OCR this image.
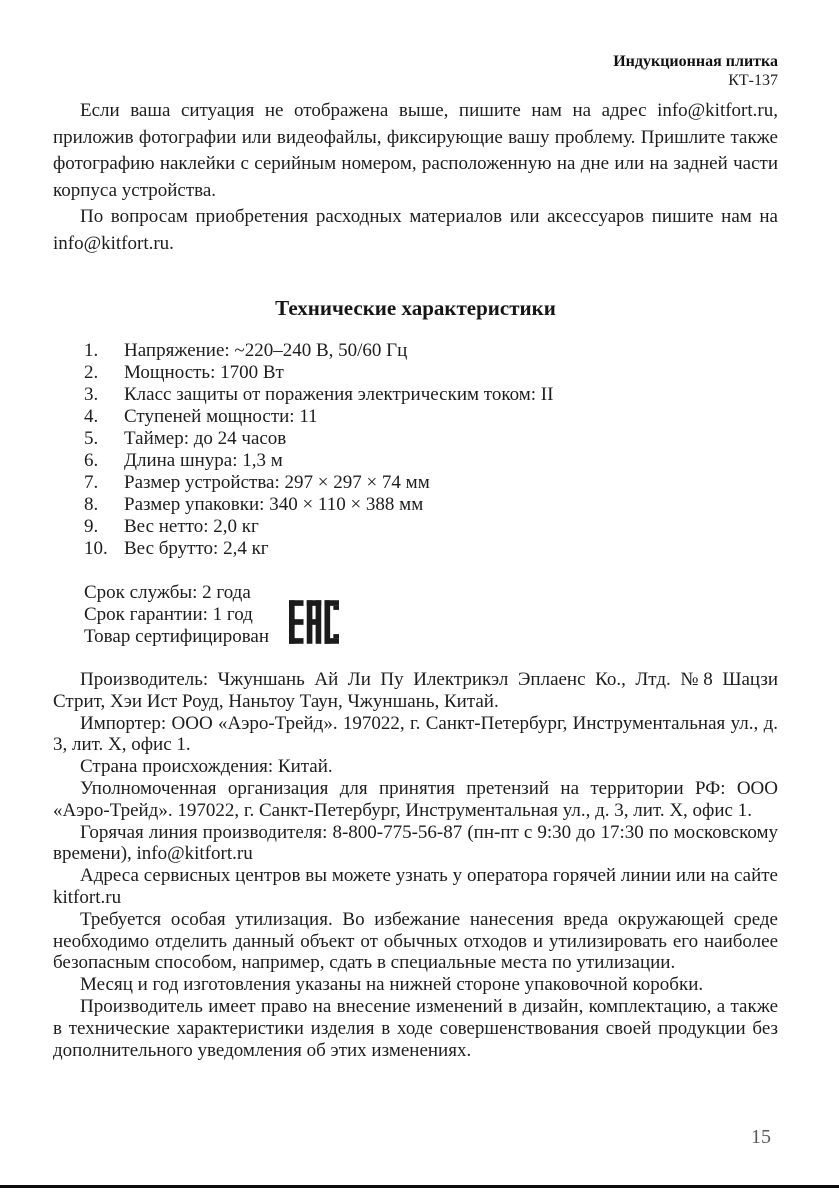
Индукционная плитка
КТ-137

Если ваша ситуация не отображена выше, пишите нам на адрес info@kitfort.ru, приложив фотографии или видеофайлы, фиксирующие вашу проблему. Пришлите также фотографию наклейки с серийным номером, расположенную на дне или на задней части корпуса устройства.

По вопросам приобретения расходных материалов или аксессуаров пишите нам на info@kitfort.ru.

Технические характеристики
1.	Напряжение: ~220–240 В, 50/60 Гц
2.	Мощность: 1700 Вт
3.	Класс защиты от поражения электрическим током: II
4.	Ступеней мощности: 11
5.	Таймер: до 24 часов
6.	Длина шнура: 1,3 м
7.	Размер устройства: 297 × 297 × 74 мм
8.	Размер упаковки: 340 × 110 × 388 мм
9.	Вес нетто: 2,0 кг
10. Вес брутто: 2,4 кг
Срок службы: 2 года
Срок гарантии: 1 год
Товар сертифицирован

Производитель: Чжуншань Ай Ли Пу Илектрикэл Эплаенс Ко., Лтд. №8 Шацзи Стрит, Хэи Ист Роуд, Наньтоу Таун, Чжуншань, Китай.

Импортер: ООО «Аэро-Трейд». 197022, г. Санкт-Петербург, Инструментальная ул., д. 3, лит. Х, офис 1.

Страна происхождения: Китай.

Уполномоченная организация для принятия претензий на территории РФ: ООО «Аэро-Трейд». 197022, г. Санкт-Петербург, Инструментальная ул., д. 3, лит. Х, офис 1.

Горячая линия производителя: 8-800-775-56-87 (пн-пт с 9:30 до 17:30 по московскому времени), info@kitfort.ru

Адреса сервисных центров вы можете узнать у оператора горячей линии или на сайте kitfort.ru

Требуется особая утилизация. Во избежание нанесения вреда окружающей среде необходимо отделить данный объект от обычных отходов и утилизировать его наиболее безопасным способом, например, сдать в специальные места по утилизации.

Месяц и год изготовления указаны на нижней стороне упаковочной коробки.

Производитель имеет право на внесение изменений в дизайн, комплектацию, а также в технические характеристики изделия в ходе совершенствования своей продукции без дополнительного уведомления об этих изменениях.

15
